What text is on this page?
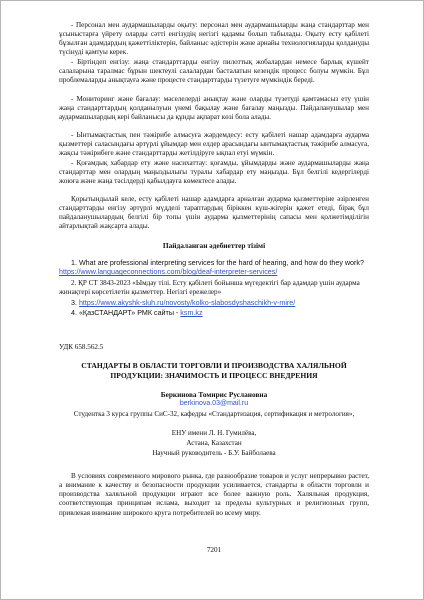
- Персонал мен аудармашыларды оқыту: персонал мен аудармашыларды жаңа стандарттар мен ұсыныстарға үйрету оларды сәтті енгізудің негізгі қадамы болып табылады. Оқыту есту қабілеті бұзылған адамдардың қажеттіліктерін, байланыс әдістерін және арнайы технологияларды қолдануды түсінуді қамтуы керек.

- Біртіндеп енгізу: жаңа стандарттарды енгізу пилоттық жобалардан немесе барлық күшейт салаларына таралмас бұрын шектеулі салалардан басталатын кезеңдік процесс болуы мүмкін. Бұл проблемаларды анықтауға және процесте стандарттарды түзетуге мүмкіндік береді.

- Мониторинг және бағалау: мәселелерді анықтау және оларды түзетуді қамтамасыз ету үшін жаңа стандарттардың қолданылуын үнемі бақылау және бағалау маңызды. Пайдаланушылар мен аудармашылардың кері байланысы да құнды ақпарат көзі бола алады.

- Ынтымақтастық пен тәжірибе алмасуға жәрдемдесу: есту қабілеті нашар адамдарға аударма қызметтері саласындағы әртүрлі ұйымдар мен елдер арасындағы ынтымақтастық тәжірибе алмасуға, жақсы тәжірибеге және стандарттарды жетілдіруге ықпал етуі мүмкін.

- Қоғамдық хабардар ету және насихаттау: қоғамды, ұйымдарды және аудармашыларды жаңа стандарттар мен олардың маңыздылығы туралы хабардар ету маңызды. Бұл белгілі кедергілерді жоюға және жаңа тәсілдерді қабылдауға көмектесе алады.

Қорытындылай келе, есту қабілеті нашар адамдарға арналған аударма қызметтеріне әзірленген стандарттарды енгізу әртүрлі мүдделі тараптардың біріккен күш-жігерін қажет етеді, бірақ бұл пайдаланушылардың белгілі бір топы үшін аударма қызметтерінің сапасы мен қолжетімділігін айтарлықтай жақсарта алады.

Пайдаланған әдебиеттер тізімі

1. What are professional interpreting services for the hard of hearing, and how do they work? https://www.languageconnections.com/blog/deaf-interpreter-services/

2. ҚР СТ 3843-2023 «Ымдау тілі. Есту қабілеті бойынша мүгедектігі бар адамдар үшін аударма жинақтері көрсетілетін қызметтер. Негізгі ережелер»

3. https://www.akyshk-sluh.ru/novosty/kolko-slabosdyshaschikh-v-mire/

4. «ҚазСТАНДАРТ» РМК сайты - ksm.kz

УДК 658.562.5

СТАНДАРТЫ В ОБЛАСТИ ТОРГОВЛИ И ПРОИЗВОДСТВА ХАЛЯЛЬНОЙ ПРОДУКЦИИ: ЗНАЧИМОСТЬ И ПРОЦЕСС ВНЕДРЕНИЯ

Беркинова Томирис Руслановна

berkinova.03@mail.ru

Студентка 3 курса группы СиС-32, кафедры «Стандартизация, сертификация и метрология»,

ЕНУ имени Л. Н. Гумилёва,

Астана, Казахстан

Научный руководитель - Б.У. Байболаева

В условиях современного мирового рынка, где разнообразие товаров и услуг непрерывно растет, а внимание к качеству и безопасности продукции усиливается, стандарты в области торговли и производства халяльной продукции играют все более важную роль. Халяльная продукция, соответствующая принципам ислама, выходит за пределы культурных и религиозных групп, привлекая внимание широкого круга потребителей во всему миру.

7201
